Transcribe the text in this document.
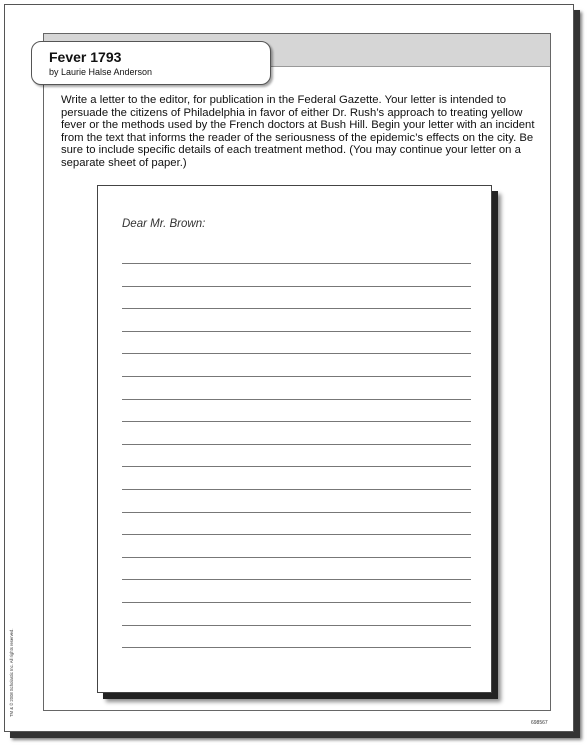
Fever 1793
by Laurie Halse Anderson

Write a letter to the editor, for publication in the Federal Gazette. Your letter is intended to persuade the citizens of Philadelphia in favor of either Dr. Rush’s approach to treating yellow fever or the methods used by the French doctors at Bush Hill. Begin your letter with an incident from the text that informs the reader of the seriousness of the epidemic’s effects on the city. Be sure to include specific details of each treatment method. (You may continue your letter on a separate sheet of paper.)

Dear Mr. Brown:
TM & © 2008 Scholastic Inc. All rights reserved.
698567
